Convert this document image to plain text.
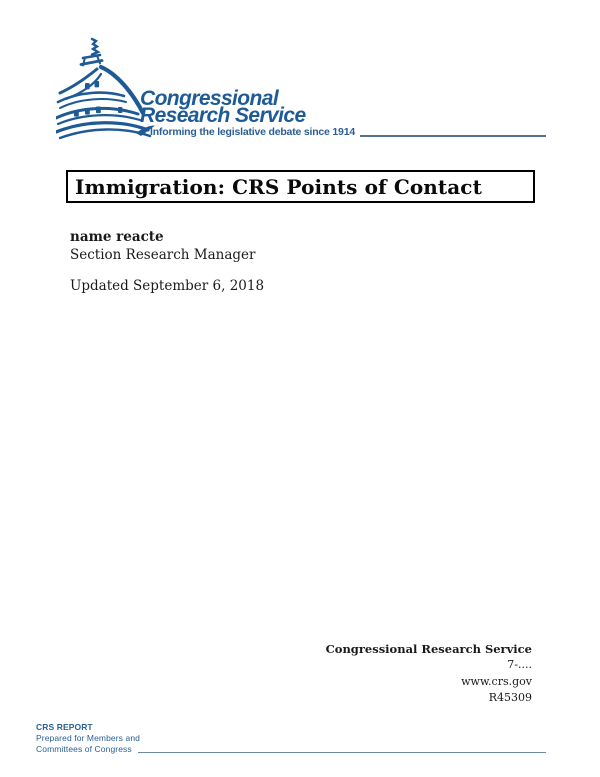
Congressional
Research Service
Informing the legislative debate since 1914
Immigration: CRS Points of Contact
name reacte
Section Research Manager
Updated September 6, 2018
Congressional Research Service
7-....
www.crs.gov
R45309
CRS REPORT
Prepared for Members and
Committees of Congress
